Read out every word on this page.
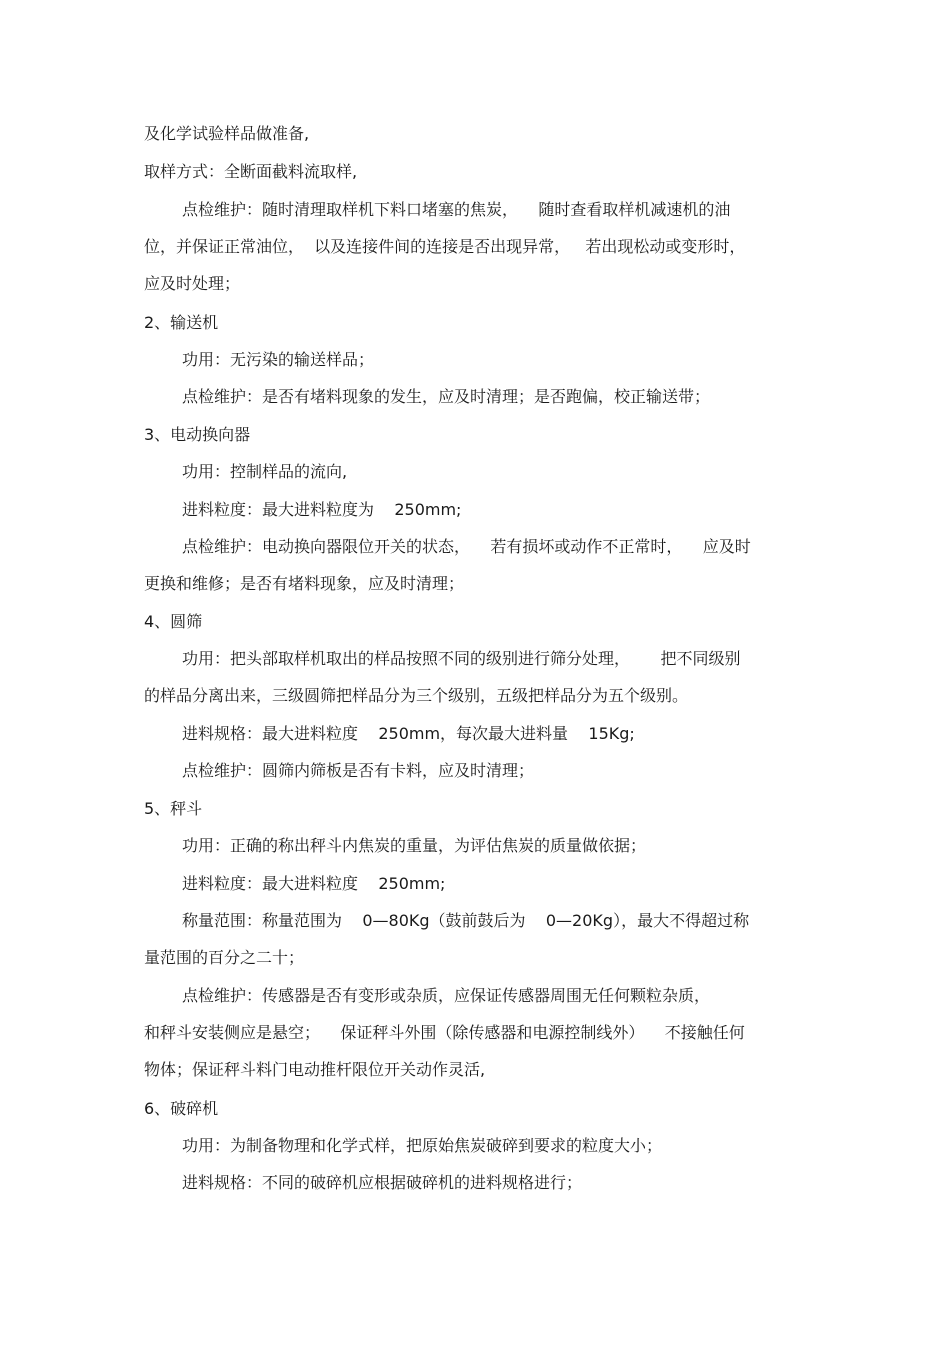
及化学试验样品做准备,
取样方式：全断面截料流取样,
点检维护：随时清理取样机下料口堵塞的焦炭，    随时查看取样机减速机的油
位，并保证正常油位，  以及连接件间的连接是否出现异常，   若出现松动或变形时，
应及时处理；
2、输送机
功用：无污染的输送样品；
点检维护：是否有堵料现象的发生，应及时清理；是否跑偏，校正输送带；
3、电动换向器
功用：控制样品的流向,
进料粒度：最大进料粒度为    250mm;
点检维护：电动换向器限位开关的状态，    若有损坏或动作不正常时，    应及时
更换和维修；是否有堵料现象，应及时清理；
4、圆筛
功用：把头部取样机取出的样品按照不同的级别进行筛分处理，      把不同级别
的样品分离出来，三级圆筛把样品分为三个级别，五级把样品分为五个级别。
进料规格：最大进料粒度    250mm，每次最大进料量    15Kg;
点检维护：圆筛内筛板是否有卡料，应及时清理；
5、秤斗
功用：正确的称出秤斗内焦炭的重量，为评估焦炭的质量做依据；
进料粒度：最大进料粒度    250mm;
称量范围：称量范围为    0—80Kg（鼓前鼓后为    0—20Kg），最大不得超过称
量范围的百分之二十；
点检维护：传感器是否有变形或杂质，应保证传感器周围无任何颗粒杂质，
和秤斗安装侧应是悬空；    保证秤斗外围（除传感器和电源控制线外）    不接触任何
物体；保证秤斗料门电动推杆限位开关动作灵活,
6、破碎机
功用：为制备物理和化学式样，把原始焦炭破碎到要求的粒度大小；
进料规格：不同的破碎机应根据破碎机的进料规格进行；
